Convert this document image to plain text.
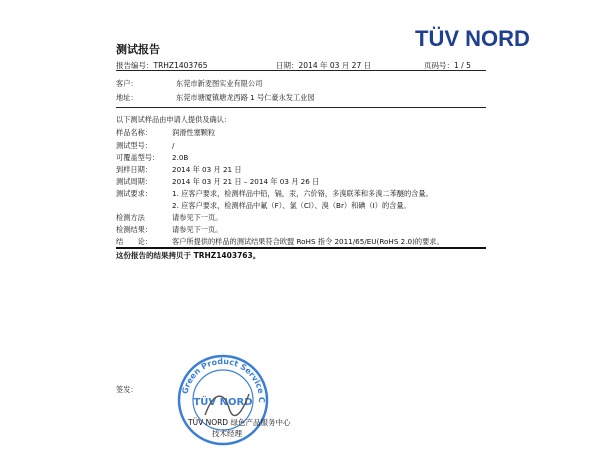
TÜV NORD
测试报告
报告编号：TRHZ1403765	日期：2014 年 03 月 27 日	页码号：1 / 5
客户：	东莞市新麦图实业有限公司
地址：	东莞市塘厦镇塘龙西路 1 号仁豪永发工业园
以下测试样品由申请人提供及确认：
样品名称：	润滑性塞颗粒
测试型号：	/
可覆盖型号： 2.0B
到样日期：	2014 年 03 月 21 日
测试周期：	2014 年 03 月 21 日 – 2014 年 03 月 26 日
测试要求：	1. 应客户要求，检测样品中铅，镉，汞，六价铬，多溴联苯和多溴二苯醚的含量。
2. 应客户要求，检测样品中氟（F）、氯（Cl）、溴（Br）和碘（I）的含量。
检测方法	请参见下一页。
检测结果：	请参见下一页。
结　　论：	客户所提供的样品的测试结果符合欧盟 RoHS 指令 2011/65/EU(RoHS 2.0)的要求。
这份报告的结果拷贝于 TRHZ1403763。
签发：	Green Product Service C
TÜV NORD
TÜV NORD 绿色产品服务中心
技术经理
